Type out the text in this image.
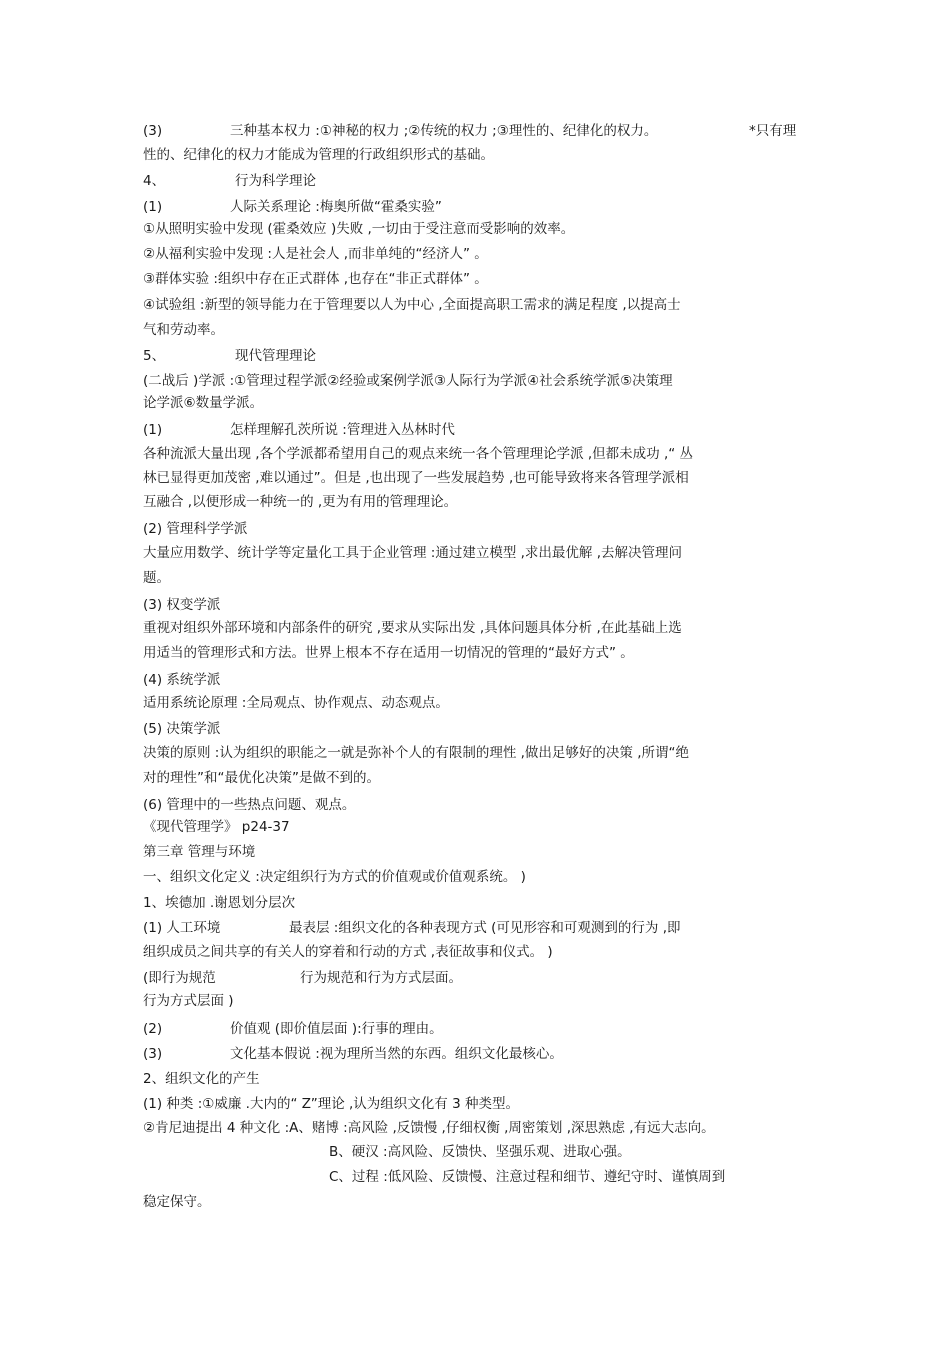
(3)	三种基本权力 :①神秘的权力 ;②传统的权力 ;③理性的、纪律化的权力。	*只有理
性的、纪律化的权力才能成为管理的行政组织形式的基础。
4、	行为科学理论
(1)	人际关系理论 :梅奥所做“霍桑实验”
①从照明实验中发现 (霍桑效应 )失败 ,一切由于受注意而受影响的效率。
②从福利实验中发现 :人是社会人 ,而非单纯的“经济人” 。
③群体实验 :组织中存在正式群体 ,也存在“非正式群体” 。
④试验组 :新型的领导能力在于管理要以人为中心 ,全面提高职工需求的满足程度 ,以提高士
气和劳动率。
5、	现代管理理论
(二战后 )学派 :①管理过程学派②经验或案例学派③人际行为学派④社会系统学派⑤决策理
论学派⑥数量学派。
(1)	怎样理解孔茨所说 :管理进入丛林时代
各种流派大量出现 ,各个学派都希望用自己的观点来统一各个管理理论学派 ,但都未成功 ,“ 丛
林已显得更加茂密 ,难以通过”。但是 ,也出现了一些发展趋势 ,也可能导致将来各管理学派相
互融合 ,以便形成一种统一的 ,更为有用的管理理论。
(2) 管理科学学派
大量应用数学、统计学等定量化工具于企业管理 :通过建立模型 ,求出最优解 ,去解决管理问
题。
(3) 权变学派
重视对组织外部环境和内部条件的研究 ,要求从实际出发 ,具体问题具体分析 ,在此基础上选
用适当的管理形式和方法。世界上根本不存在适用一切情况的管理的“最好方式” 。
(4) 系统学派
适用系统论原理 :全局观点、协作观点、动态观点。
(5) 决策学派
决策的原则 :认为组织的职能之一就是弥补个人的有限制的理性 ,做出足够好的决策 ,所谓“绝
对的理性”和“最优化决策”是做不到的。
(6) 管理中的一些热点问题、观点。
《现代管理学》 p24-37
第三章 管理与环境
一、组织文化定义 :决定组织行为方式的价值观或价值观系统。 )
1、埃德加 .谢恩划分层次
(1) 人工环境	最表层 :组织文化的各种表现方式 (可见形容和可观测到的行为 ,即
组织成员之间共享的有关人的穿着和行动的方式 ,表征故事和仪式。 )
(即行为规范	行为规范和行为方式层面。
行为方式层面 )
(2)	价值观 (即价值层面 ):行事的理由。
(3)	文化基本假说 :视为理所当然的东西。组织文化最核心。
2、组织文化的产生
(1) 种类 :①威廉 .大内的“ Z”理论 ,认为组织文化有 3 种类型。
②肯尼迪提出 4 种文化 :A、赌博 :高风险 ,反馈慢 ,仔细权衡 ,周密策划 ,深思熟虑 ,有远大志向。
B、硬汉 :高风险、反馈快、坚强乐观、进取心强。
C、过程 :低风险、反馈慢、注意过程和细节、遵纪守时、谨慎周到
稳定保守。
